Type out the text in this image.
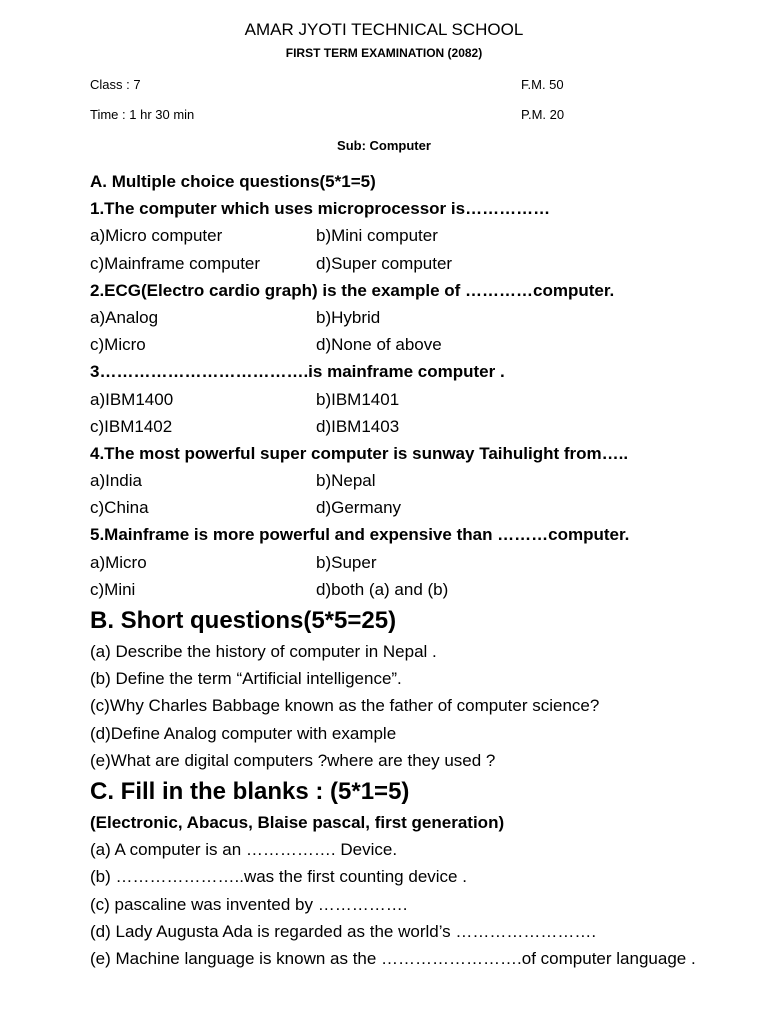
AMAR JYOTI TECHNICAL SCHOOL
FIRST TERM EXAMINATION (2082)
Class : 7	F.M. 50
Time : 1 hr 30 min	P.M. 20
Sub: Computer
A. Multiple choice questions(5*1=5)
1.The computer which uses microprocessor is……………
a)Micro computer	b)Mini computer
c)Mainframe computer	d)Super computer
2.ECG(Electro cardio graph) is the example of …………computer.
a)Analog	b)Hybrid
c)Micro	d)None of above
3……………………………….is mainframe computer .
a)IBM1400	b)IBM1401
c)IBM1402	d)IBM1403
4.The most powerful super computer is sunway Taihulight from…..
a)India	b)Nepal
c)China	d)Germany
5.Mainframe is more powerful and expensive than ………computer.
a)Micro	b)Super
c)Mini	d)both (a) and (b)
B. Short questions(5*5=25)
(a) Describe the history of computer in Nepal .
(b) Define the term “Artificial intelligence”.
(c)Why Charles Babbage known as the father of computer science?
(d)Define Analog computer with example
(e)What are digital computers ?where are they used ?
C. Fill in the blanks : (5*1=5)
(Electronic, Abacus, Blaise pascal, first generation)
(a) A computer is an ……………. Device.
(b) …………………..was the first counting device .
(c) pascaline was invented by …………….
(d) Lady Augusta Ada is regarded as the world’s …………………….
(e) Machine language is known as the …………………….of computer language .
